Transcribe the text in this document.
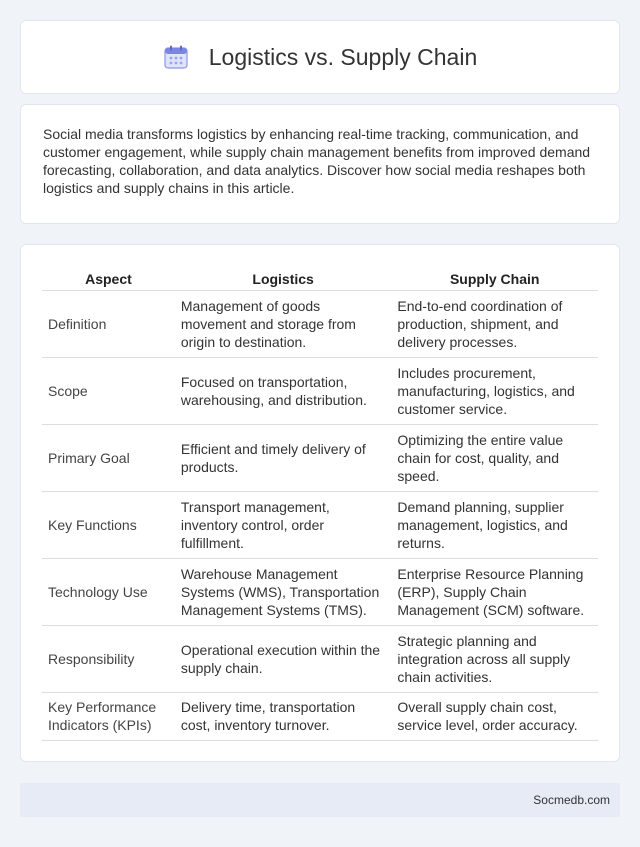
Logistics vs. Supply Chain

Social media transforms logistics by enhancing real-time tracking, communication, and customer engagement, while supply chain management benefits from improved demand forecasting, collaboration, and data analytics. Discover how social media reshapes both logistics and supply chains in this article.

Aspect	Logistics	Supply Chain
Definition	Management of goods movement and storage from origin to destination.	End-to-end coordination of production, shipment, and delivery processes.
Scope	Focused on transportation, warehousing, and distribution.	Includes procurement, manufacturing, logistics, and customer service.
Primary Goal	Efficient and timely delivery of products.	Optimizing the entire value chain for cost, quality, and speed.
Key Functions	Transport management, inventory control, order fulfillment.	Demand planning, supplier management, logistics, and returns.
Technology Use	Warehouse Management Systems (WMS), Transportation Management Systems (TMS).	Enterprise Resource Planning (ERP), Supply Chain Management (SCM) software.
Responsibility	Operational execution within the supply chain.	Strategic planning and integration across all supply chain activities.
Key Performance Indicators (KPIs)	Delivery time, transportation cost, inventory turnover.	Overall supply chain cost, service level, order accuracy.
Socmedb.com
